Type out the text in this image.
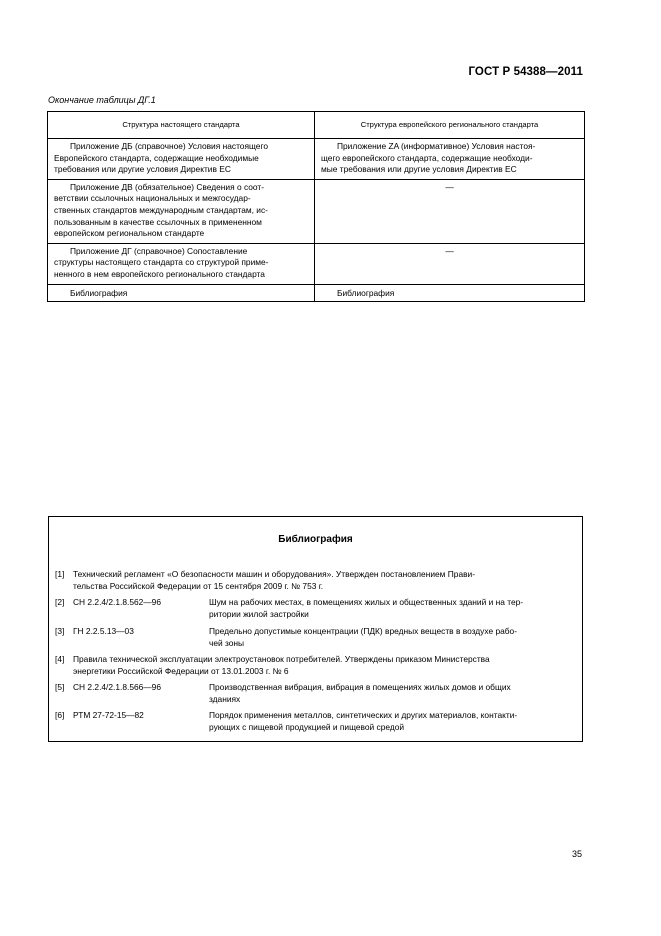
ГОСТ Р 54388—2011
Окончание таблицы ДГ.1
Структура настоящего стандарта	Структура европейского регионального стандарта
Приложение ДБ (справочное) Условия настоящего
Европейского стандарта, содержащие необходимые
требования или другие условия Директив ЕС	Приложение ZA (информативное) Условия настоя-
щего европейского стандарта, содержащие необходи-
мые требования или другие условия Директив ЕС
Приложение ДВ (обязательное) Сведения о соот-
ветствии ссылочных национальных и межгосудар-
ственных стандартов международным стандартам, ис-
пользованным в качестве ссылочных в примененном
европейском региональном стандарте	—
Приложение ДГ (справочное) Сопоставление
структуры настоящего стандарта со структурой приме-
ненного в нем европейского регионального стандарта	—
Библиография	Библиография
Библиография
[1] Технический регламент «О безопасности машин и оборудования». Утвержден постановлением Прави-
тельства Российской Федерации от 15 сентября 2009 г. № 753 г.
[2] СН 2.2.4/2.1.8.562—96	Шум на рабочих местах, в помещениях жилых и общественных зданий и на тер-
ритории жилой застройки
[3] ГН 2.2.5.13—03	Предельно допустимые концентрации (ПДК) вредных веществ в воздухе рабо-
чей зоны
[4] Правила технической эксплуатации электроустановок потребителей. Утверждены приказом Министерства
энергетики Российской Федерации от 13.01.2003 г. № 6
[5] СН 2.2.4/2.1.8.566—96	Производственная вибрация, вибрация в помещениях жилых домов и общих
зданиях
[6] РТМ 27-72-15—82	Порядок применения металлов, синтетических и других материалов, контакти-
рующих с пищевой продукцией и пищевой средой
35
